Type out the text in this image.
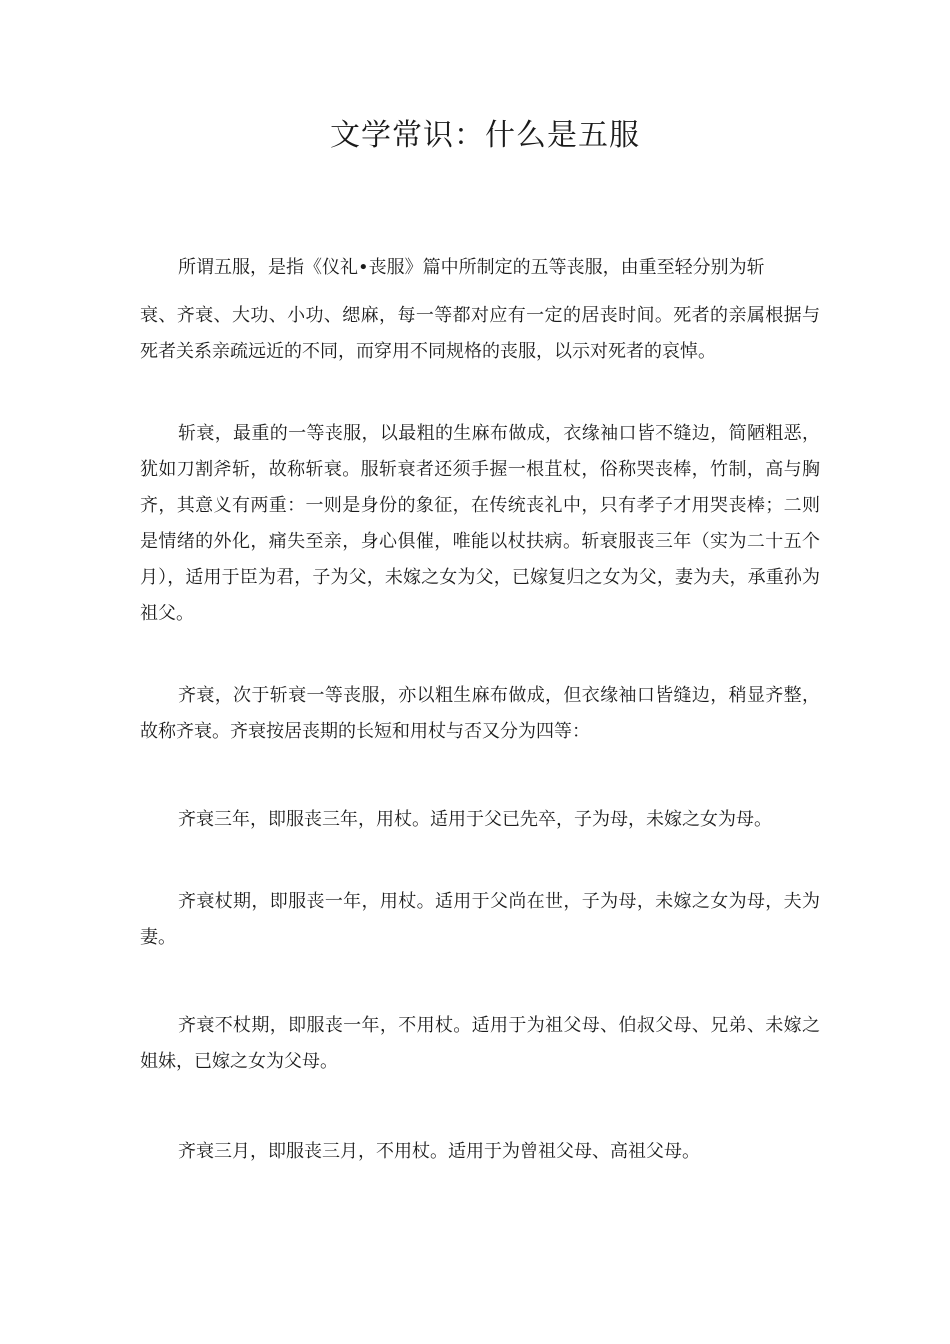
文学常识：什么是五服

所谓五服，是指《仪礼•丧服》篇中所制定的五等丧服，由重至轻分别为斩
衰、齐衰、大功、小功、缌麻，每一等都对应有一定的居丧时间。死者的亲属根据与死者关系亲疏远近的不同，而穿用不同规格的丧服，以示对死者的哀悼。

斩衰，最重的一等丧服，以最粗的生麻布做成，衣缘袖口皆不缝边，简陋粗恶，犹如刀割斧斩，故称斩衰。服斩衰者还须手握一根苴杖，俗称哭丧棒，竹制，高与胸齐，其意义有两重：一则是身份的象征，在传统丧礼中，只有孝子才用哭丧棒；二则是情绪的外化，痛失至亲，身心俱催，唯能以杖扶病。斩衰服丧三年（实为二十五个月），适用于臣为君，子为父，未嫁之女为父，已嫁复归之女为父，妻为夫，承重孙为祖父。

齐衰，次于斩衰一等丧服，亦以粗生麻布做成，但衣缘袖口皆缝边，稍显齐整，故称齐衰。齐衰按居丧期的长短和用杖与否又分为四等：

齐衰三年，即服丧三年，用杖。适用于父已先卒，子为母，未嫁之女为母。

齐衰杖期，即服丧一年，用杖。适用于父尚在世，子为母，未嫁之女为母，夫为妻。

齐衰不杖期，即服丧一年，不用杖。适用于为祖父母、伯叔父母、兄弟、未嫁之姐妹，已嫁之女为父母。

齐衰三月，即服丧三月，不用杖。适用于为曾祖父母、高祖父母。
